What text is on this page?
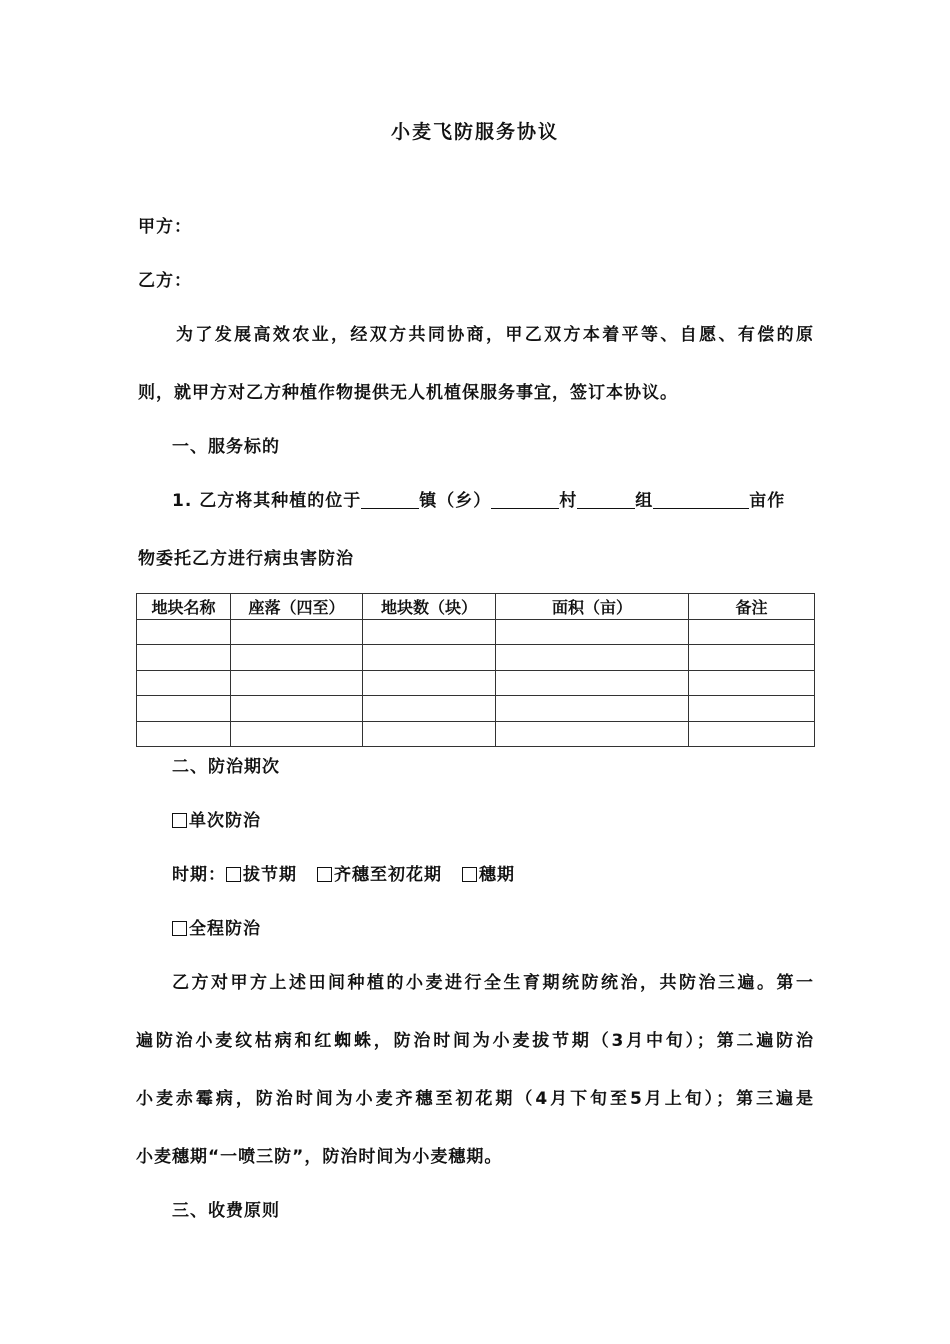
小麦飞防服务协议

甲方：

乙方：

为了发展高效农业，经双方共同协商，甲乙双方本着平等、自愿、有偿的原

则，就甲方对乙方种植作物提供无人机植保服务事宜，签订本协议。

一、服务标的

1. 乙方将其种植的位于	镇（乡）	村	组	亩作

物委托乙方进行病虫害防治

地块名称	座落（四至）	地块数（块）	面积（亩）	备注

二、防治期次

单次防治
时期： 拔节期 齐穗至初花期 穗期
全程防治

乙方对甲方上述田间种植的小麦进行全生育期统防统治，共防治三遍。第一

遍防治小麦纹枯病和红蜘蛛，防治时间为小麦拔节期（3月中旬）；第二遍防治

小麦赤霉病，防治时间为小麦齐穗至初花期（4月下旬至5月上旬）；第三遍是

小麦穗期“一喷三防”，防治时间为小麦穗期。

三、收费原则
